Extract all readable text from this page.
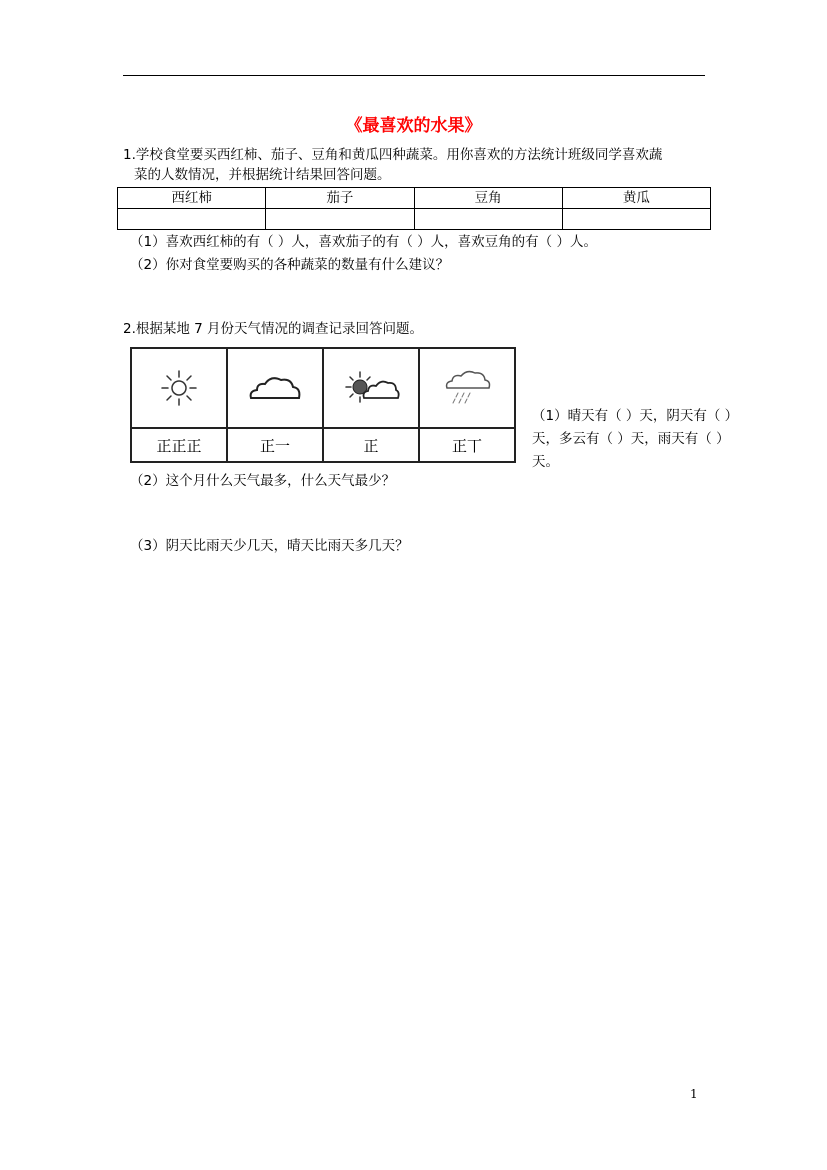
《最喜欢的水果》
1.学校食堂要买西红柿、茄子、豆角和黄瓜四种蔬菜。用你喜欢的方法统计班级同学喜欢蔬
菜的人数情况，并根据统计结果回答问题。
西红柿	茄子	豆角	黄瓜

（1）喜欢西红柿的有（ ）人，喜欢茄子的有（ ）人，喜欢豆角的有（ ）人。
（2）你对食堂要购买的各种蔬菜的数量有什么建议？
2.根据某地 7 月份天气情况的调查记录回答问题。
正正正	正一	正	正丅
（1）晴天有（ ）天，阴天有（ ）天，多云有（ ）天，雨天有（ ）天。
（2）这个月什么天气最多，什么天气最少？
（3）阴天比雨天少几天，晴天比雨天多几天？
1
